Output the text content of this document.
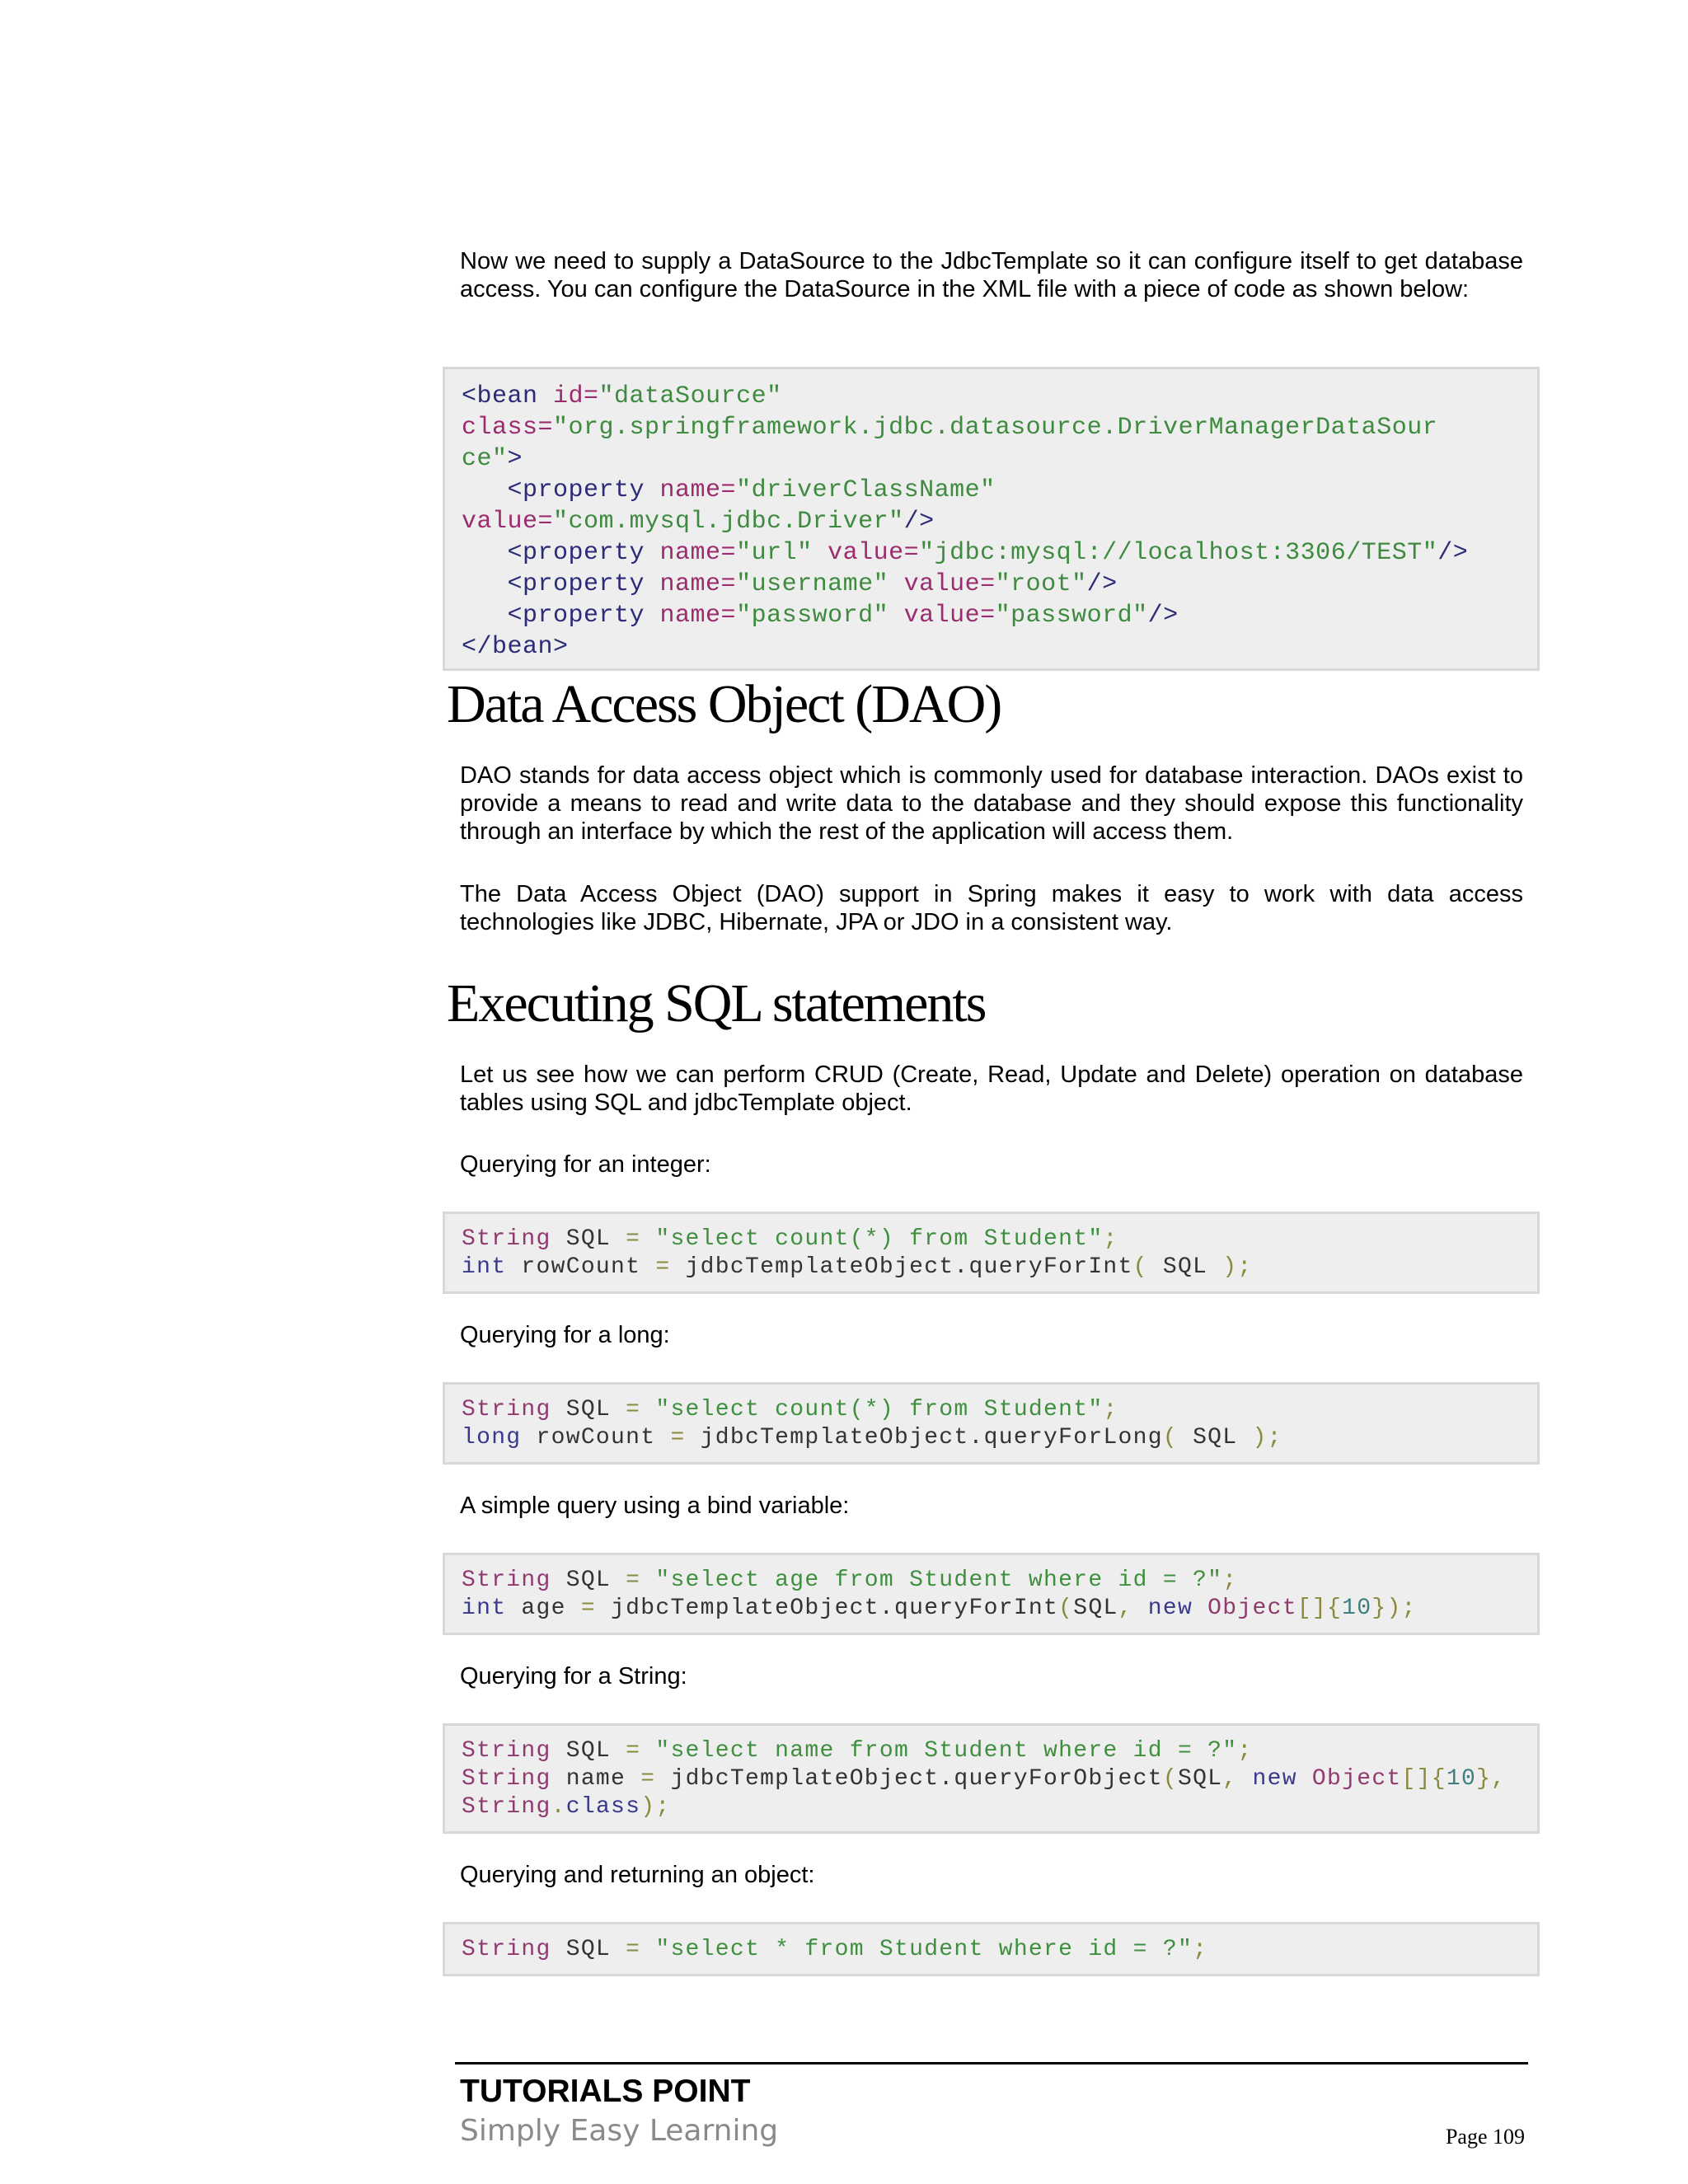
Now we need to supply a DataSource to the JdbcTemplate so it can configure itself to get database access. You can configure the DataSource in the XML file with a piece of code as shown below:

<bean id="dataSource"
class="org.springframework.jdbc.datasource.DriverManagerDataSour
ce">
<property name="driverClassName"
value="com.mysql.jdbc.Driver"/>
<property name="url" value="jdbc:mysql://localhost:3306/TEST"/>
<property name="username" value="root"/>
<property name="password" value="password"/>
</bean>
Data Access Object (DAO)

DAO stands for data access object which is commonly used for database interaction. DAOs exist to provide a means to read and write data to the database and they should expose this functionality through an interface by which the rest of the application will access them.

The Data Access Object (DAO) support in Spring makes it easy to work with data access technologies like JDBC, Hibernate, JPA or JDO in a consistent way.

Executing SQL statements

Let us see how we can perform CRUD (Create, Read, Update and Delete) operation on database tables using SQL and jdbcTemplate object.

Querying for an integer:

String SQL = "select count(*) from Student";
int rowCount = jdbcTemplateObject.queryForInt( SQL );

Querying for a long:

String SQL = "select count(*) from Student";
long rowCount = jdbcTemplateObject.queryForLong( SQL );

A simple query using a bind variable:

String SQL = "select age from Student where id = ?";
int age = jdbcTemplateObject.queryForInt(SQL, new Object[]{10});

Querying for a String:

String SQL = "select name from Student where id = ?";
String name = jdbcTemplateObject.queryForObject(SQL, new Object[]{10},
String.class);

Querying and returning an object:

String SQL = "select * from Student where id = ?";
TUTORIALS POINT
Simply Easy Learning	Page 109
